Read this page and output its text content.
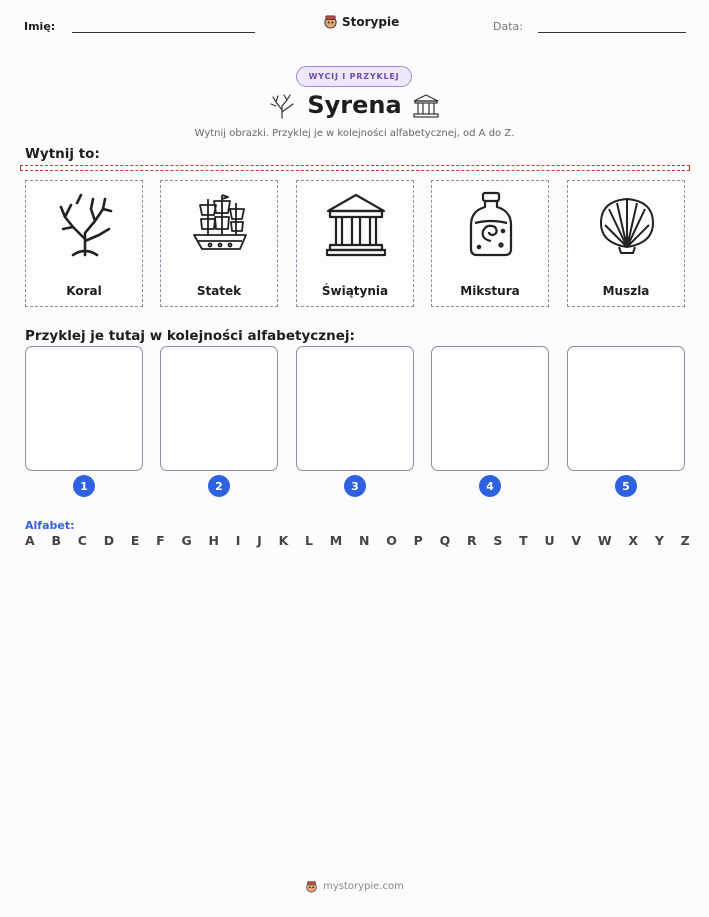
Imię:	Storypie	Data:
WYCIJ I PRZYKLEJ
Syrena
Wytnij obrazki. Przyklej je w kolejności alfabetycznej, od A do Z.
Wytnij to:
Koral	Statek	Świątynia	Mikstura	Muszla
Przyklej je tutaj w kolejności alfabetycznej:
1	2	3	4	5
Alfabet:
A B C D E F G H I J K L M N O P Q R S T U V W X Y Z
mystorypie.com
